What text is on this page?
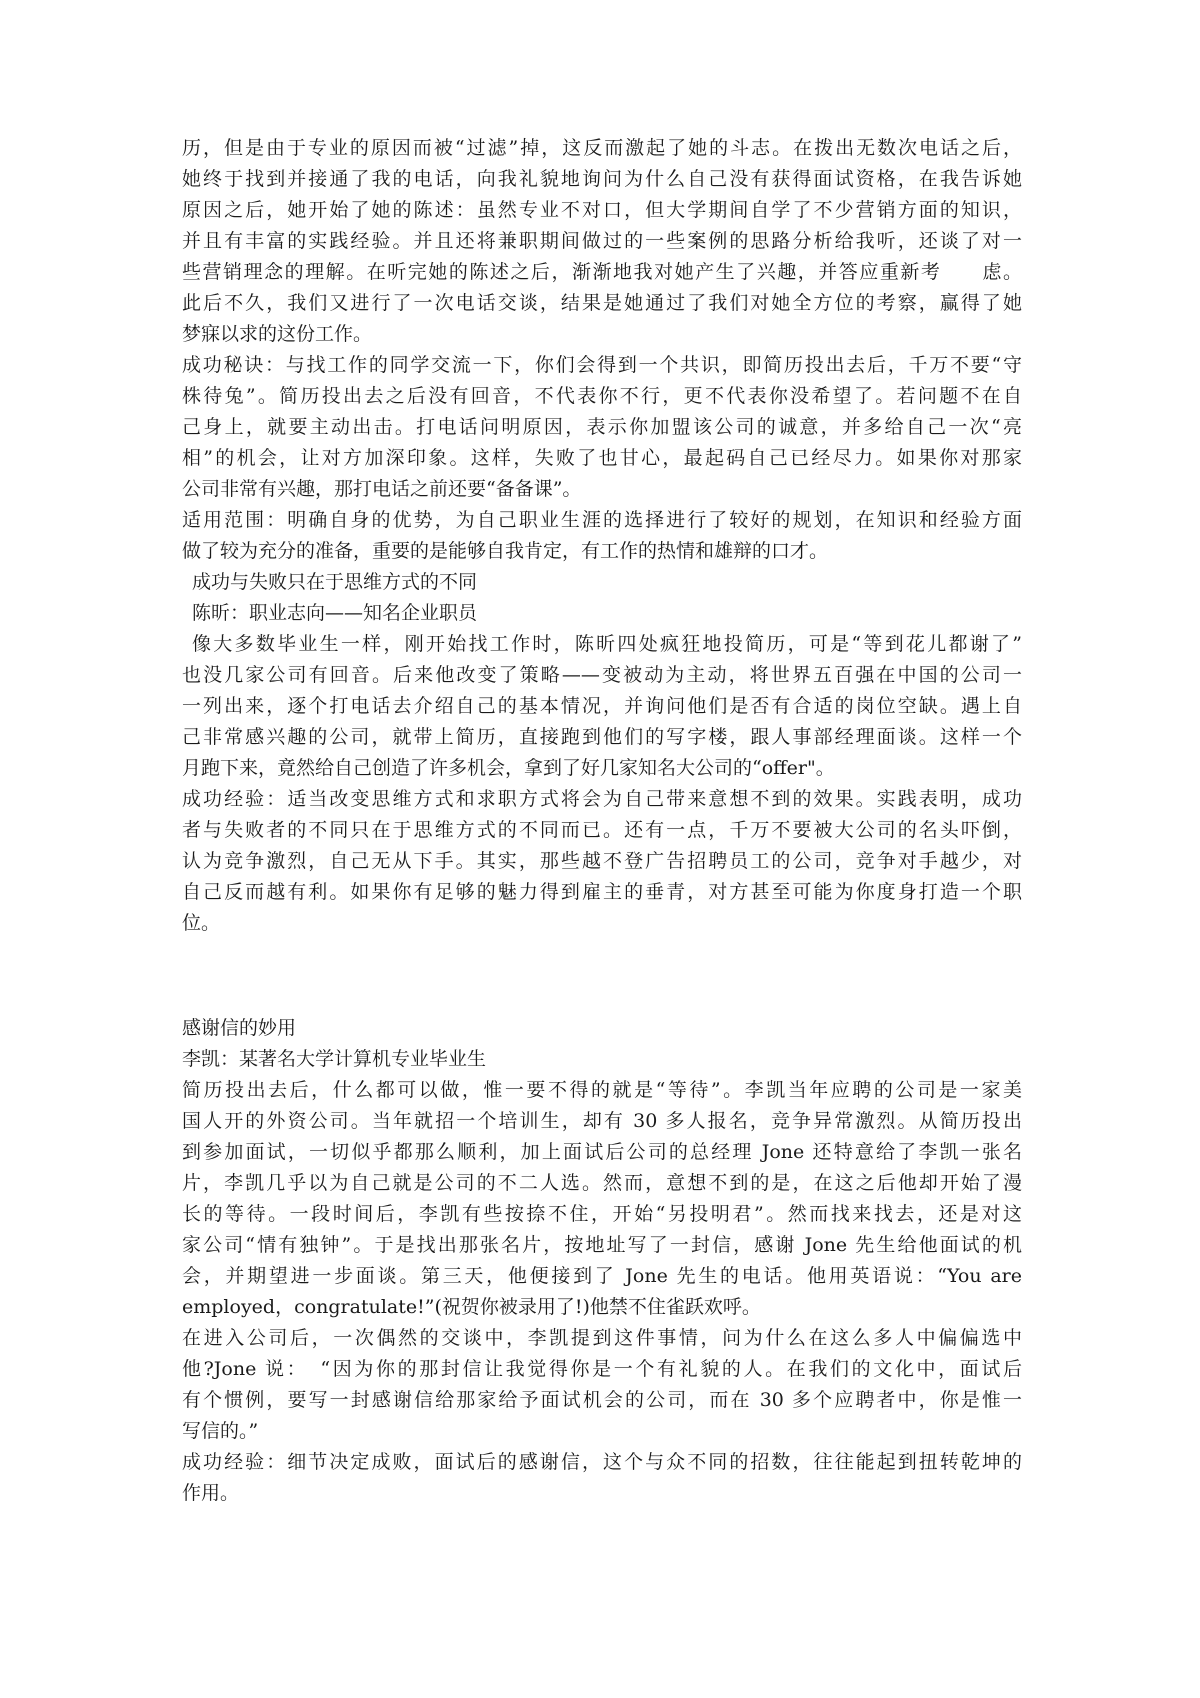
历，但是由于专业的原因而被“过滤”掉，这反而激起了她的斗志。在拨出无数次电话之后，
她终于找到并接通了我的电话，向我礼貌地询问为什么自己没有获得面试资格，在我告诉她
原因之后，她开始了她的陈述：虽然专业不对口，但大学期间自学了不少营销方面的知识，
并且有丰富的实践经验。并且还将兼职期间做过的一些案例的思路分析给我听，还谈了对一
些营销理念的理解。在听完她的陈述之后，渐渐地我对她产生了兴趣，并答应重新考　　虑。
此后不久，我们又进行了一次电话交谈，结果是她通过了我们对她全方位的考察，赢得了她
梦寐以求的这份工作。
成功秘诀：与找工作的同学交流一下，你们会得到一个共识，即简历投出去后，千万不要“守
株待兔”。简历投出去之后没有回音，不代表你不行，更不代表你没希望了。若问题不在自
己身上，就要主动出击。打电话问明原因，表示你加盟该公司的诚意，并多给自己一次“亮
相”的机会，让对方加深印象。这样，失败了也甘心，最起码自己已经尽力。如果你对那家
公司非常有兴趣，那打电话之前还要“备备课”。
适用范围：明确自身的优势，为自己职业生涯的选择进行了较好的规划，在知识和经验方面
做了较为充分的准备，重要的是能够自我肯定，有工作的热情和雄辩的口才。
成功与失败只在于思维方式的不同
陈昕：职业志向——知名企业职员
像大多数毕业生一样，刚开始找工作时，陈昕四处疯狂地投简历，可是“等到花儿都谢了”
也没几家公司有回音。后来他改变了策略——变被动为主动，将世界五百强在中国的公司一
一列出来，逐个打电话去介绍自己的基本情况，并询问他们是否有合适的岗位空缺。遇上自
己非常感兴趣的公司，就带上简历，直接跑到他们的写字楼，跟人事部经理面谈。这样一个
月跑下来，竟然给自己创造了许多机会，拿到了好几家知名大公司的“offer"。
成功经验：适当改变思维方式和求职方式将会为自己带来意想不到的效果。实践表明，成功
者与失败者的不同只在于思维方式的不同而已。还有一点，千万不要被大公司的名头吓倒，
认为竞争激烈，自己无从下手。其实，那些越不登广告招聘员工的公司，竞争对手越少，对
自己反而越有利。如果你有足够的魅力得到雇主的垂青，对方甚至可能为你度身打造一个职
位。
感谢信的妙用
李凯：某著名大学计算机专业毕业生
简历投出去后，什么都可以做，惟一要不得的就是“等待”。李凯当年应聘的公司是一家美
国人开的外资公司。当年就招一个培训生，却有 30 多人报名，竞争异常激烈。从简历投出
到参加面试，一切似乎都那么顺利，加上面试后公司的总经理 Jone 还特意给了李凯一张名
片，李凯几乎以为自己就是公司的不二人选。然而，意想不到的是，在这之后他却开始了漫
长的等待。一段时间后，李凯有些按捺不住，开始“另投明君”。然而找来找去，还是对这
家公司“情有独钟”。于是找出那张名片，按地址写了一封信，感谢 Jone 先生给他面试的机
会，并期望进一步面谈。第三天，他便接到了 Jone 先生的电话。他用英语说：“You are
employed，congratulate!”(祝贺你被录用了!)他禁不住雀跃欢呼。
在进入公司后，一次偶然的交谈中，李凯提到这件事情，问为什么在这么多人中偏偏选中
他?Jone 说：　“因为你的那封信让我觉得你是一个有礼貌的人。在我们的文化中，面试后
有个惯例，要写一封感谢信给那家给予面试机会的公司，而在 30 多个应聘者中，你是惟一
写信的。”
成功经验：细节决定成败，面试后的感谢信，这个与众不同的招数，往往能起到扭转乾坤的
作用。
